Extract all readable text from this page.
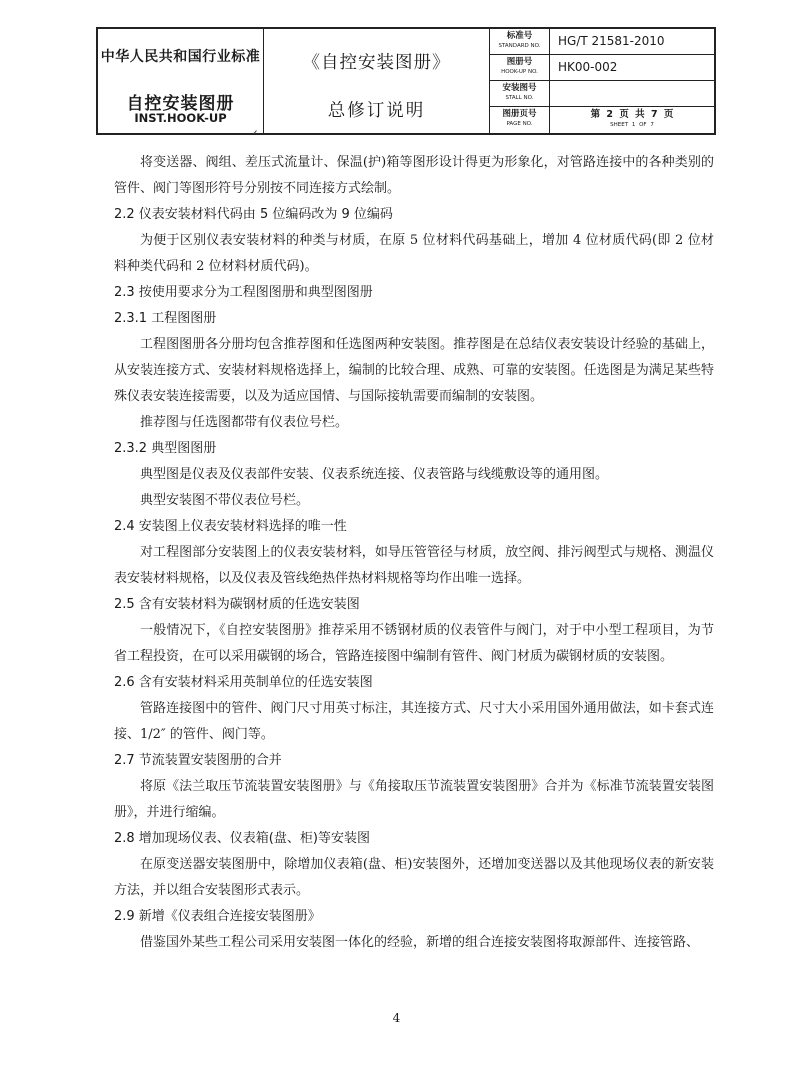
中华人民共和国行业标准
自控安装图册
INST.HOOK-UP
《自控安装图册》
总修订说明
标准号
STANDARD NO.	HG/T 21581-2010
图册号
HOOK-UP NO.	HK00-002
安装图号
STALL NO.
图册页号
PAGE NO.
第 2 页 共 7 页
SHEET 1 OF 7

将变送器、阀组、差压式流量计、保温(护)箱等图形设计得更为形象化，对管路连接中的各种类别的管件、阀门等图形符号分别按不同连接方式绘制。

2.2 仪表安装材料代码由 5 位编码改为 9 位编码

为便于区别仪表安装材料的种类与材质，在原 5 位材料代码基础上，增加 4 位材质代码(即 2 位材料种类代码和 2 位材料材质代码)。

2.3 按使用要求分为工程图图册和典型图图册

2.3.1 工程图图册

工程图图册各分册均包含推荐图和任选图两种安装图。推荐图是在总结仪表安装设计经验的基础上，从安装连接方式、安装材料规格选择上，编制的比较合理、成熟、可靠的安装图。任选图是为满足某些特殊仪表安装连接需要，以及为适应国情、与国际接轨需要而编制的安装图。

推荐图与任选图都带有仪表位号栏。

2.3.2 典型图图册

典型图是仪表及仪表部件安装、仪表系统连接、仪表管路与线缆敷设等的通用图。

典型安装图不带仪表位号栏。

2.4 安装图上仪表安装材料选择的唯一性

对工程图部分安装图上的仪表安装材料，如导压管管径与材质，放空阀、排污阀型式与规格、测温仪表安装材料规格，以及仪表及管线绝热伴热材料规格等均作出唯一选择。

2.5 含有安装材料为碳钢材质的任选安装图

一般情况下，《自控安装图册》推荐采用不锈钢材质的仪表管件与阀门，对于中小型工程项目，为节省工程投资，在可以采用碳钢的场合，管路连接图中编制有管件、阀门材质为碳钢材质的安装图。

2.6 含有安装材料采用英制单位的任选安装图

管路连接图中的管件、阀门尺寸用英寸标注，其连接方式、尺寸大小采用国外通用做法，如卡套式连接、1/2″ 的管件、阀门等。

2.7 节流装置安装图册的合并

将原《法兰取压节流装置安装图册》与《角接取压节流装置安装图册》合并为《标准节流装置安装图册》，并进行缩编。

2.8 增加现场仪表、仪表箱(盘、柜)等安装图

在原变送器安装图册中，除增加仪表箱(盘、柜)安装图外，还增加变送器以及其他现场仪表的新安装方法，并以组合安装图形式表示。

2.9 新增《仪表组合连接安装图册》

借鉴国外某些工程公司采用安装图一体化的经验，新增的组合连接安装图将取源部件、连接管路、

4
